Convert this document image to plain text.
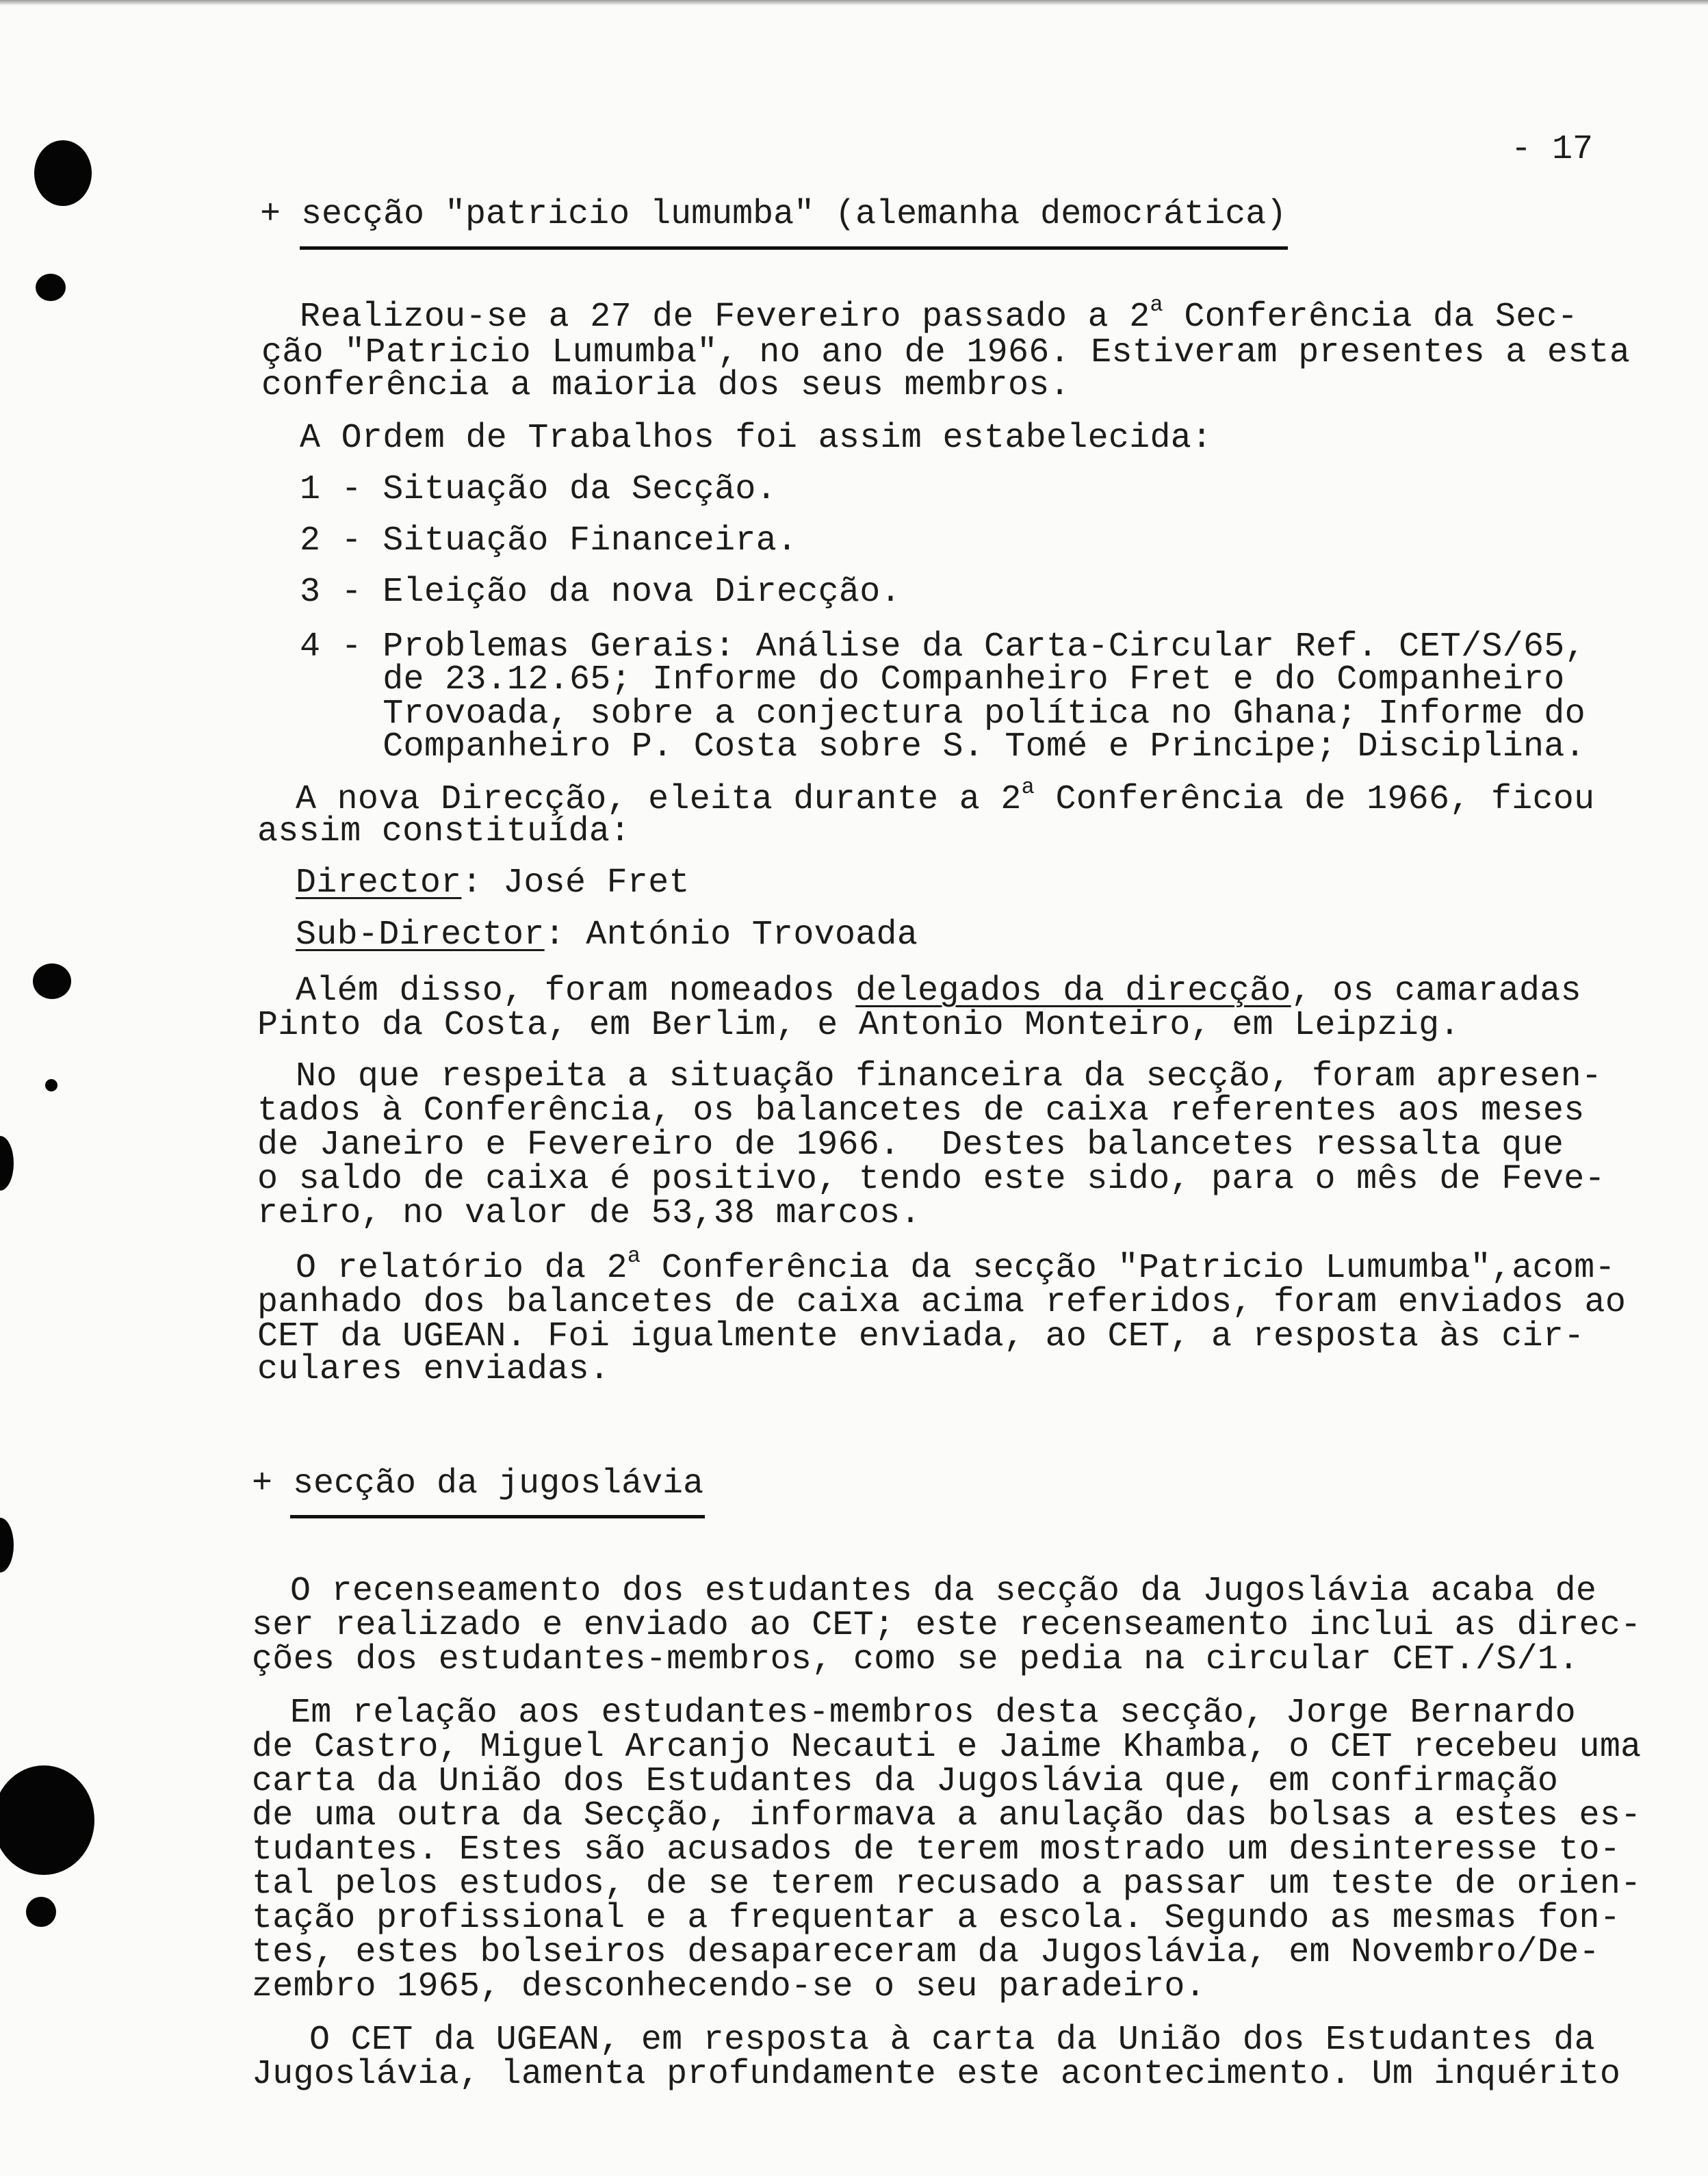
- 17
+ secção "patricio lumumba" (alemanha democrática)
Realizou-se a 27 de Fevereiro passado a 2$^a$ Conferência da Sec-
ção "Patricio Lumumba", no ano de 1966. Estiveram presentes a esta
conferência a maioria dos seus membros.
A Ordem de Trabalhos foi assim estabelecida:
1 - Situação da Secção.
2 - Situação Financeira.
3 - Eleição da nova Direcção.
4 - Problemas Gerais: Análise da Carta-Circular Ref. CET/S/65,
de 23.12.65; Informe do Companheiro Fret e do Companheiro
Trovoada, sobre a conjectura política no Ghana; Informe do
Companheiro P. Costa sobre S. Tomé e Principe; Disciplina.
A nova Direcção, eleita durante a 2$^a$ Conferência de 1966, ficou
assim constituída:
Director: José Fret
Sub-Director: António Trovoada
Além disso, foram nomeados delegados da direcção, os camaradas
Pinto da Costa, em Berlim, e Antonio Monteiro, em Leipzig.
No que respeita a situação financeira da secção, foram apresen-
tados à Conferência, os balancetes de caixa referentes aos meses
de Janeiro e Fevereiro de 1966.  Destes balancetes ressalta que
o saldo de caixa é positivo, tendo este sido, para o mês de Feve-
reiro, no valor de 53,38 marcos.
O relatório da 2$^a$ Conferência da secção "Patricio Lumumba",acom-
panhado dos balancetes de caixa acima referidos, foram enviados ao
CET da UGEAN. Foi igualmente enviada, ao CET, a resposta às cir-
culares enviadas.
+ secção da jugoslávia
O recenseamento dos estudantes da secção da Jugoslávia acaba de
ser realizado e enviado ao CET; este recenseamento inclui as direc-
ções dos estudantes-membros, como se pedia na circular CET./S/1.
Em relação aos estudantes-membros desta secção, Jorge Bernardo
de Castro, Miguel Arcanjo Necauti e Jaime Khamba, o CET recebeu uma
carta da União dos Estudantes da Jugoslávia que, em confirmação
de uma outra da Secção, informava a anulação das bolsas a estes es-
tudantes. Estes são acusados de terem mostrado um desinteresse to-
tal pelos estudos, de se terem recusado a passar um teste de orien-
tação profissional e a frequentar a escola. Segundo as mesmas fon-
tes, estes bolseiros desapareceram da Jugoslávia, em Novembro/De-
zembro 1965, desconhecendo-se o seu paradeiro.
O CET da UGEAN, em resposta à carta da União dos Estudantes da
Jugoslávia, lamenta profundamente este acontecimento. Um inquérito
